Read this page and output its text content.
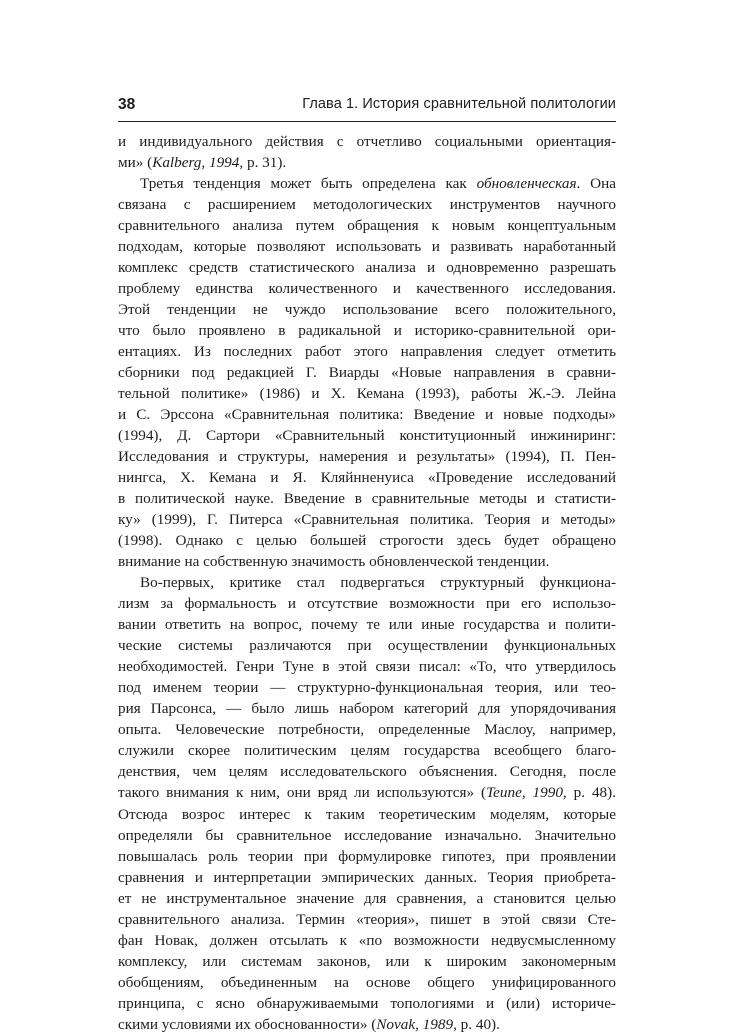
38	Глава 1. История сравнительной политологии
и индивидуального действия с отчетливо социальными ориентация-
ми» (Kalberg, 1994, p. 31).
Третья тенденция может быть определена как обновленческая. Она
связана с расширением методологических инструментов научного
сравнительного анализа путем обращения к новым концептуальным
подходам, которые позволяют использовать и развивать наработанный
комплекс средств статистического анализа и одновременно разрешать
проблему единства количественного и качественного исследования.
Этой тенденции не чуждо использование всего положительного,
что было проявлено в радикальной и историко-сравнительной ори-
ентациях. Из последних работ этого направления следует отметить
сборники под редакцией Г. Виарды «Новые направления в сравни-
тельной политике» (1986) и Х. Кемана (1993), работы Ж.-Э. Лейна
и С. Эрссона «Сравнительная политика: Введение и новые подходы»
(1994), Д. Сартори «Сравнительный конституционный инжиниринг:
Исследования и структуры, намерения и результаты» (1994), П. Пен-
нингса, Х. Кемана и Я. Кляйнненуиса «Проведение исследований
в политической науке. Введение в сравнительные методы и статисти-
ку» (1999), Г. Питерса «Сравнительная политика. Теория и методы»
(1998). Однако с целью большей строгости здесь будет обращено
внимание на собственную значимость обновленческой тенденции.
Во-первых, критике стал подвергаться структурный функционa-
лизм за формальность и отсутствие возможности при его использо-
вании ответить на вопрос, почему те или иные государства и полити-
ческие системы различаются при осуществлении функциональных
необходимостей. Генри Туне в этой связи писал: «То, что утвердилось
под именем теории — структурно-функциональная теория, или тео-
рия Парсонса, — было лишь набором категорий для упорядочивания
опыта. Человеческие потребности, определенные Маслоу, например,
служили скорее политическим целям государства всеобщего благо-
денствия, чем целям исследовательского объяснения. Сегодня, после
такого внимания к ним, они вряд ли используются» (Teune, 1990, p. 48).
Отсюда возрос интерес к таким теоретическим моделям, которые
определяли бы сравнительное исследование изначально. Значительно
повышалась роль теории при формулировке гипотез, при проявлении
сравнения и интерпретации эмпирических данных. Теория приобрета-
ет не инструментальное значение для сравнения, а становится целью
сравнительного анализа. Термин «теория», пишет в этой связи Сте-
фан Новак, должен отсылать к «по возможности недвусмысленному
комплексу, или системам законов, или к широким закономерным
обобщениям, объединенным на основе общего унифицированного
принципа, с ясно обнаруживаемыми топологиями и (или) историче-
скими условиями их обоснованности» (Novak, 1989, p. 40).
